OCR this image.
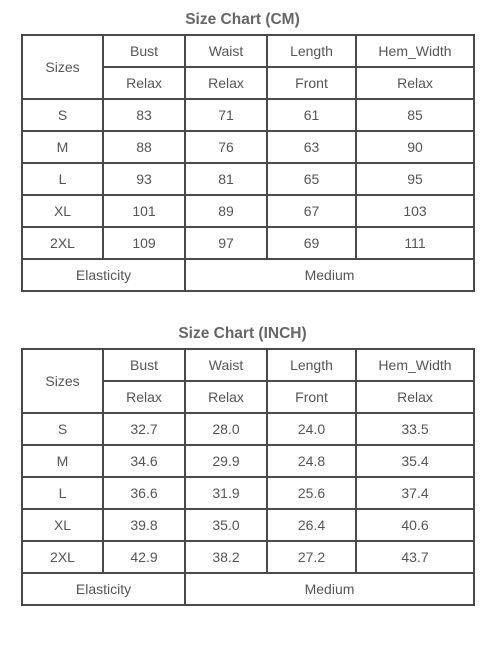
Size Chart (CM)
Sizes	Bust	Waist	Length	Hem_Width
	Relax	Relax	Front	Relax
S	83	71	61	85
M	88	76	63	90
L	93	81	65	95
XL	101	89	67	103
2XL	109	97	69	111
Elasticity		Medium		
Size Chart (INCH)
Sizes	Bust	Waist	Length	Hem_Width
	Relax	Relax	Front	Relax
S	32.7	28.0	24.0	33.5
M	34.6	29.9	24.8	35.4
L	36.6	31.9	25.6	37.4
XL	39.8	35.0	26.4	40.6
2XL	42.9	38.2	27.2	43.7
Elasticity		Medium		
